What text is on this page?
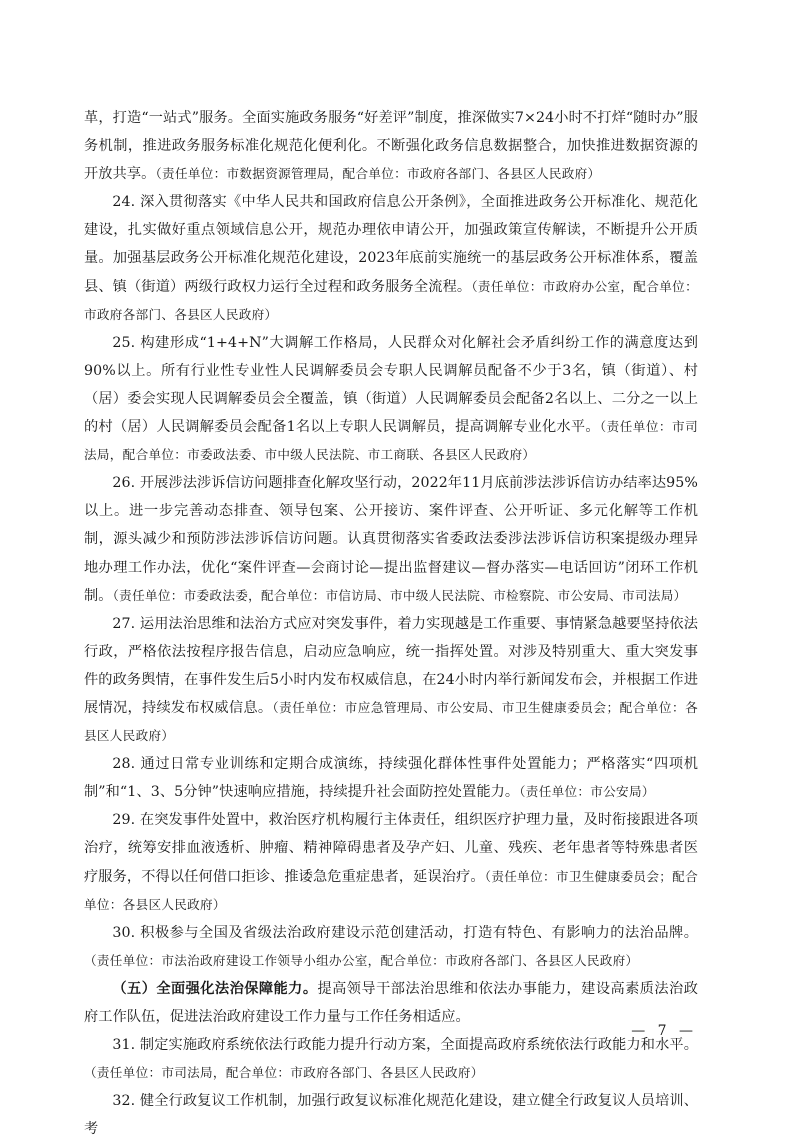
革，打造“一站式”服务。全面实施政务服务“好差评”制度，推深做实7×24小时不打烊“随时办”服务机制，推进政务服务标准化规范化便利化。不断强化政务信息数据整合，加快推进数据资源的开放共享。（责任单位：市数据资源管理局，配合单位：市政府各部门、各县区人民政府）

24. 深入贯彻落实《中华人民共和国政府信息公开条例》，全面推进政务公开标准化、规范化建设，扎实做好重点领域信息公开，规范办理依申请公开，加强政策宣传解读，不断提升公开质量。加强基层政务公开标准化规范化建设，2023年底前实施统一的基层政务公开标准体系，覆盖县、镇（街道）两级行政权力运行全过程和政务服务全流程。（责任单位：市政府办公室，配合单位：市政府各部门、各县区人民政府）

25. 构建形成“1+4+N”大调解工作格局，人民群众对化解社会矛盾纠纷工作的满意度达到90%以上。所有行业性专业性人民调解委员会专职人民调解员配备不少于3名，镇（街道）、村（居）委会实现人民调解委员会全覆盖，镇（街道）人民调解委员会配备2名以上、二分之一以上的村（居）人民调解委员会配备1名以上专职人民调解员，提高调解专业化水平。（责任单位：市司法局，配合单位：市委政法委、市中级人民法院、市工商联、各县区人民政府）

26. 开展涉法涉诉信访问题排查化解攻坚行动，2022年11月底前涉法涉诉信访办结率达95%以上。进一步完善动态排查、领导包案、公开接访、案件评查、公开听证、多元化解等工作机制，源头减少和预防涉法涉诉信访问题。认真贯彻落实省委政法委涉法涉诉信访积案提级办理异地办理工作办法，优化“案件评查—会商讨论—提出监督建议—督办落实—电话回访”闭环工作机制。（责任单位：市委政法委，配合单位：市信访局、市中级人民法院、市检察院、市公安局、市司法局）

27. 运用法治思维和法治方式应对突发事件，着力实现越是工作重要、事情紧急越要坚持依法行政，严格依法按程序报告信息，启动应急响应，统一指挥处置。对涉及特别重大、重大突发事件的政务舆情，在事件发生后5小时内发布权威信息，在24小时内举行新闻发布会，并根据工作进展情况，持续发布权威信息。（责任单位：市应急管理局、市公安局、市卫生健康委员会；配合单位：各县区人民政府）

28. 通过日常专业训练和定期合成演练，持续强化群体性事件处置能力；严格落实“四项机制”和“1、3、5分钟”快速响应措施，持续提升社会面防控处置能力。（责任单位：市公安局）

29. 在突发事件处置中，救治医疗机构履行主体责任，组织医疗护理力量，及时衔接跟进各项治疗，统筹安排血液透析、肿瘤、精神障碍患者及孕产妇、儿童、残疾、老年患者等特殊患者医疗服务，不得以任何借口拒诊、推诿急危重症患者，延误治疗。（责任单位：市卫生健康委员会；配合单位：各县区人民政府）

30. 积极参与全国及省级法治政府建设示范创建活动，打造有特色、有影响力的法治品牌。（责任单位：市法治政府建设工作领导小组办公室，配合单位：市政府各部门、各县区人民政府）

（五）全面强化法治保障能力。提高领导干部法治思维和依法办事能力，建设高素质法治政府工作队伍，促进法治政府建设工作力量与工作任务相适应。

31. 制定实施政府系统依法行政能力提升行动方案，全面提高政府系统依法行政能力和水平。（责任单位：市司法局，配合单位：市政府各部门、各县区人民政府）

32. 健全行政复议工作机制，加强行政复议标准化规范化建设，建立健全行政复议人员培训、考

— 7 —
